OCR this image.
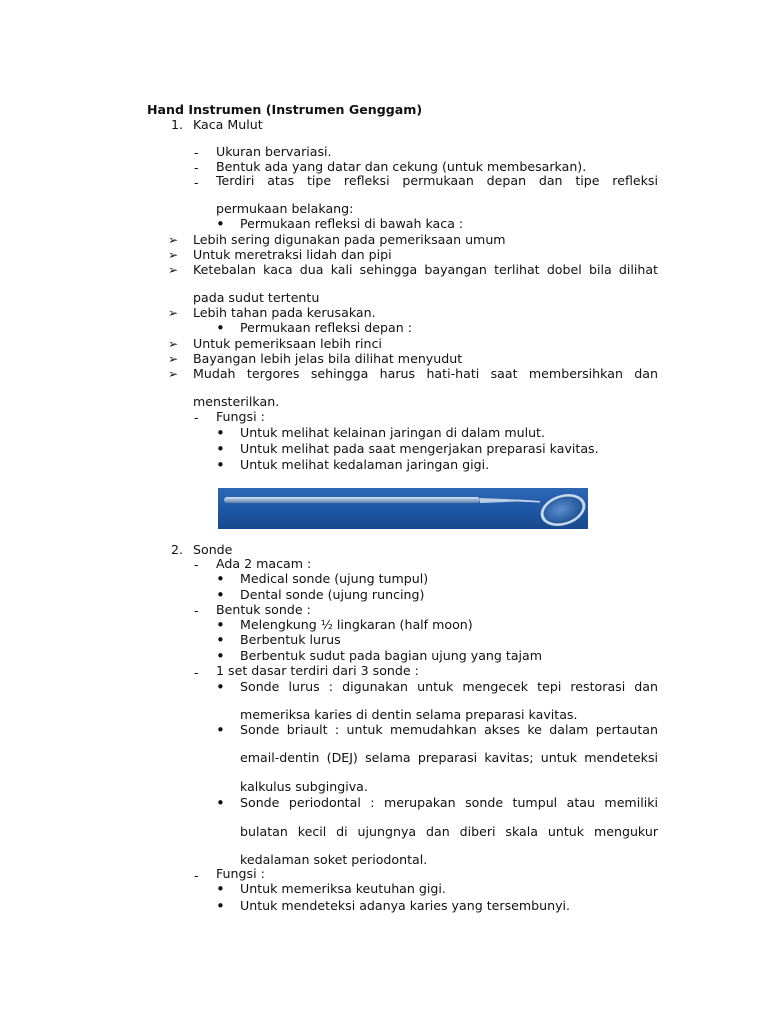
Hand Instrumen (Instrumen Genggam)
1. Kaca Mulut
- Ukuran bervariasi.
- Bentuk ada yang datar dan cekung (untuk membesarkan).
- Terdiri atas tipe refleksi permukaan depan dan tipe refleksi
permukaan belakang:
• Permukaan refleksi di bawah kaca :
➢ Lebih sering digunakan pada pemeriksaan umum
➢ Untuk meretraksi lidah dan pipi
➢ Ketebalan kaca dua kali sehingga bayangan terlihat dobel bila dilihat
pada sudut tertentu
➢ Lebih tahan pada kerusakan.
• Permukaan refleksi depan :
➢ Untuk pemeriksaan lebih rinci
➢ Bayangan lebih jelas bila dilihat menyudut
➢ Mudah tergores sehingga harus hati-hati saat membersihkan dan
mensterilkan.
- Fungsi :
• Untuk melihat kelainan jaringan di dalam mulut.
• Untuk melihat pada saat mengerjakan preparasi kavitas.
• Untuk melihat kedalaman jaringan gigi.
2. Sonde
- Ada 2 macam :
• Medical sonde (ujung tumpul)
• Dental sonde (ujung runcing)
- Bentuk sonde :
• Melengkung ½ lingkaran (half moon)
• Berbentuk lurus
• Berbentuk sudut pada bagian ujung yang tajam
- 1 set dasar terdiri dari 3 sonde :
• Sonde lurus : digunakan untuk mengecek tepi restorasi dan
memeriksa karies di dentin selama preparasi kavitas.
• Sonde briault : untuk memudahkan akses ke dalam pertautan
email-dentin (DEJ) selama preparasi kavitas; untuk mendeteksi
kalkulus subgingiva.
• Sonde periodontal : merupakan sonde tumpul atau memiliki
bulatan kecil di ujungnya dan diberi skala untuk mengukur
kedalaman soket periodontal.
- Fungsi :
• Untuk memeriksa keutuhan gigi.
• Untuk mendeteksi adanya karies yang tersembunyi.
